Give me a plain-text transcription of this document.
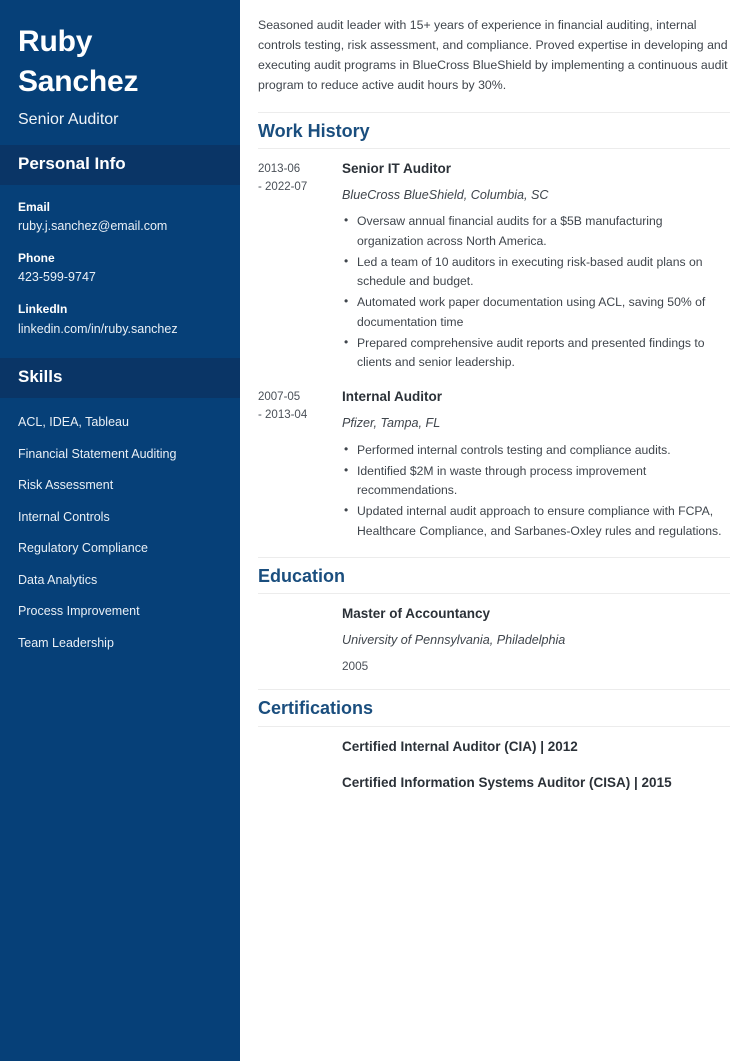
Ruby
Sanchez
Senior Auditor
Personal Info
Email
ruby.j.sanchez@email.com
Phone
423-599-9747
LinkedIn
linkedin.com/in/ruby.sanchez
Skills
ACL, IDEA, Tableau
Financial Statement Auditing
Risk Assessment
Internal Controls
Regulatory Compliance
Data Analytics
Process Improvement
Team Leadership

Seasoned audit leader with 15+ years of experience in financial auditing, internal controls testing, risk assessment, and compliance. Proved expertise in developing and executing audit programs in BlueCross BlueShield by implementing a continuous audit program to reduce active audit hours by 30%.

Work History
2013-06
- 2022-07
Senior IT Auditor
BlueCross BlueShield, Columbia, SC
• Oversaw annual financial audits for a $5B manufacturing organization across North America.
• Led a team of 10 auditors in executing risk-based audit plans on schedule and budget.
• Automated work paper documentation using ACL, saving 50% of documentation time
• Prepared comprehensive audit reports and presented findings to clients and senior leadership.
2007-05
- 2013-04
Internal Auditor
Pfizer, Tampa, FL
• Performed internal controls testing and compliance audits.
• Identified $2M in waste through process improvement recommendations.
• Updated internal audit approach to ensure compliance with FCPA, Healthcare Compliance, and Sarbanes-Oxley rules and regulations.
Education
Master of Accountancy
University of Pennsylvania, Philadelphia
2005
Certifications
Certified Internal Auditor (CIA) | 2012
Certified Information Systems Auditor (CISA) | 2015
